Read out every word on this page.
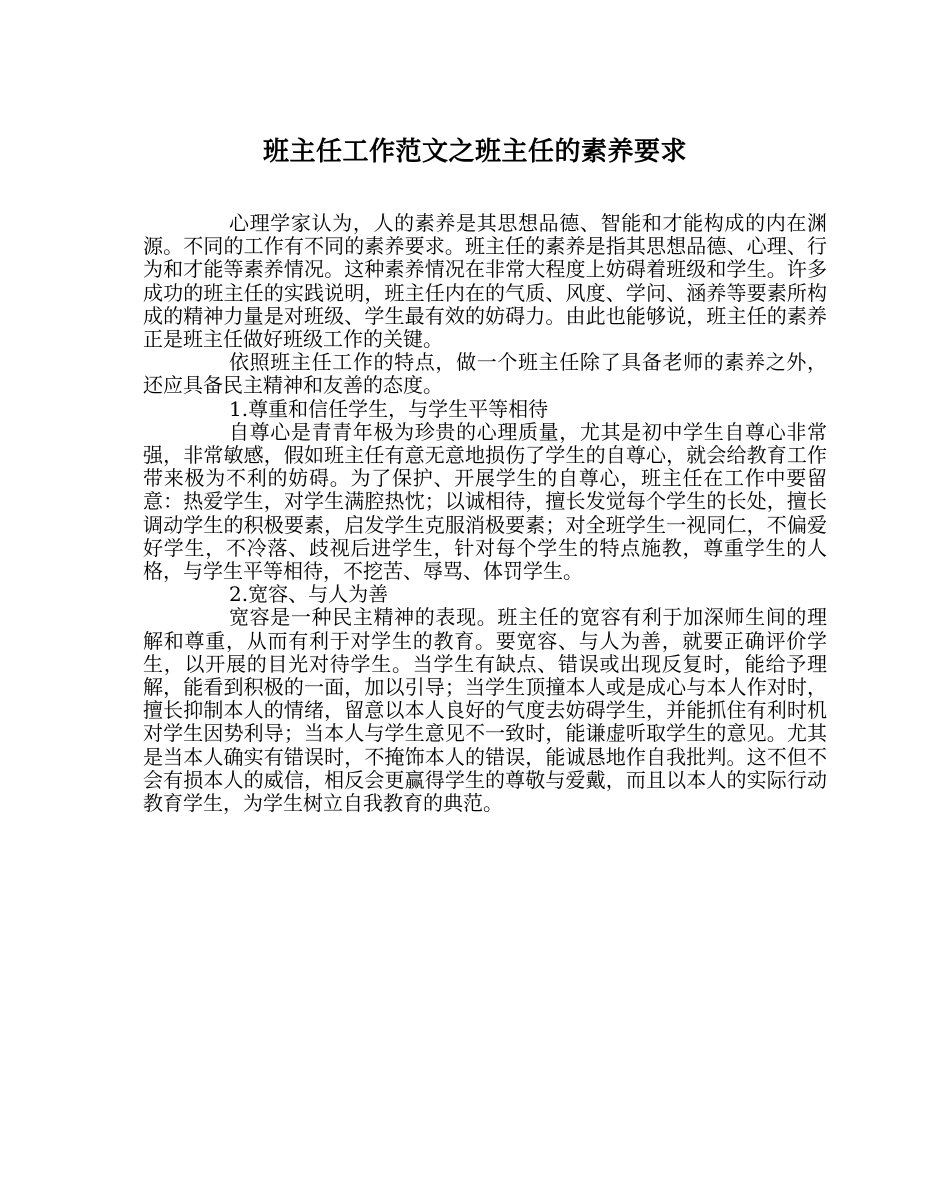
班主任工作范文之班主任的素养要求

心理学家认为，人的素养是其思想品德、智能和才能构成的内在渊源。不同的工作有不同的素养要求。班主任的素养是指其思想品德、心理、行为和才能等素养情况。这种素养情况在非常大程度上妨碍着班级和学生。许多成功的班主任的实践说明，班主任内在的气质、风度、学问、涵养等要素所构成的精神力量是对班级、学生最有效的妨碍力。由此也能够说，班主任的素养正是班主任做好班级工作的关键。

依照班主任工作的特点，做一个班主任除了具备老师的素养之外，还应具备民主精神和友善的态度。

1.尊重和信任学生，与学生平等相待

自尊心是青青年极为珍贵的心理质量，尤其是初中学生自尊心非常强，非常敏感，假如班主任有意无意地损伤了学生的自尊心，就会给教育工作带来极为不利的妨碍。为了保护、开展学生的自尊心，班主任在工作中要留意：热爱学生，对学生满腔热忱；以诚相待，擅长发觉每个学生的长处，擅长调动学生的积极要素，启发学生克服消极要素；对全班学生一视同仁，不偏爱好学生，不冷落、歧视后进学生，针对每个学生的特点施教，尊重学生的人格，与学生平等相待，不挖苦、辱骂、体罚学生。

2.宽容、与人为善

宽容是一种民主精神的表现。班主任的宽容有利于加深师生间的理解和尊重，从而有利于对学生的教育。要宽容、与人为善，就要正确评价学生，以开展的目光对待学生。当学生有缺点、错误或出现反复时，能给予理解，能看到积极的一面，加以引导；当学生顶撞本人或是成心与本人作对时，擅长抑制本人的情绪，留意以本人良好的气度去妨碍学生，并能抓住有利时机对学生因势利导；当本人与学生意见不一致时，能谦虚听取学生的意见。尤其是当本人确实有错误时，不掩饰本人的错误，能诚恳地作自我批判。这不但不会有损本人的威信，相反会更赢得学生的尊敬与爱戴，而且以本人的实际行动教育学生，为学生树立自我教育的典范。
